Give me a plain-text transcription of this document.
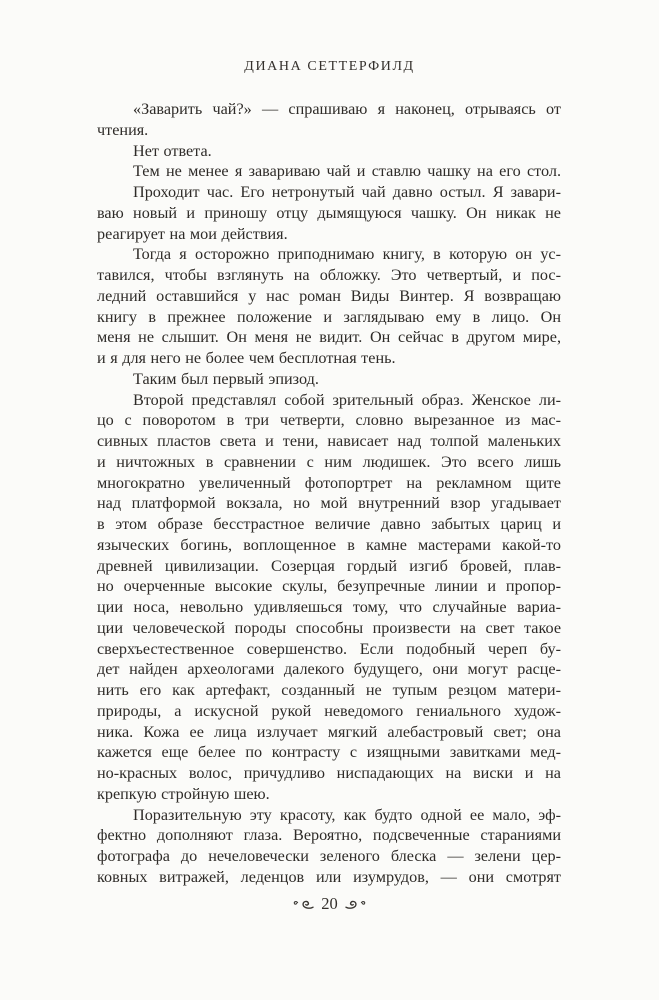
ДИАНА СЕТТЕРФИЛД
«Заварить чай?» — спрашиваю я наконец, отрываясь от
чтения.
Нет ответа.
Тем не менее я завариваю чай и ставлю чашку на его стол.
Проходит час. Его нетронутый чай давно остыл. Я завари-
ваю новый и приношу отцу дымящуюся чашку. Он никак не
реагирует на мои действия.
Тогда я осторожно приподнимаю книгу, в которую он ус-
тавился, чтобы взглянуть на обложку. Это четвертый, и пос-
ледний оставшийся у нас роман Виды Винтер. Я возвращаю
книгу в прежнее положение и заглядываю ему в лицо. Он
меня не слышит. Он меня не видит. Он сейчас в другом мире,
и я для него не более чем бесплотная тень.
Таким был первый эпизод.
Второй представлял собой зрительный образ. Женское ли-
цо с поворотом в три четверти, словно вырезанное из мас-
сивных пластов света и тени, нависает над толпой маленьких
и ничтожных в сравнении с ним людишек. Это всего лишь
многократно увеличенный фотопортрет на рекламном щите
над платформой вокзала, но мой внутренний взор угадывает
в этом образе бесстрастное величие давно забытых цариц и
языческих богинь, воплощенное в камне мастерами какой-то
древней цивилизации. Созерцая гордый изгиб бровей, плав-
но очерченные высокие скулы, безупречные линии и пропор-
ции носа, невольно удивляешься тому, что случайные вариа-
ции человеческой породы способны произвести на свет такое
сверхъестественное совершенство. Если подобный череп бу-
дет найден археологами далекого будущего, они могут расце-
нить его как артефакт, созданный не тупым резцом матери-
природы, а искусной рукой неведомого гениального худож-
ника. Кожа ее лица излучает мягкий алебастровый свет; она
кажется еще белее по контрасту с изящными завитками мед-
но-красных волос, причудливо ниспадающих на виски и на
крепкую стройную шею.
Поразительную эту красоту, как будто одной ее мало, эф-
фектно дополняют глаза. Вероятно, подсвеченные стараниями
фотографа до нечеловечески зеленого блеска — зелени цер-
ковных витражей, леденцов или изумрудов, — они смотрят
20
